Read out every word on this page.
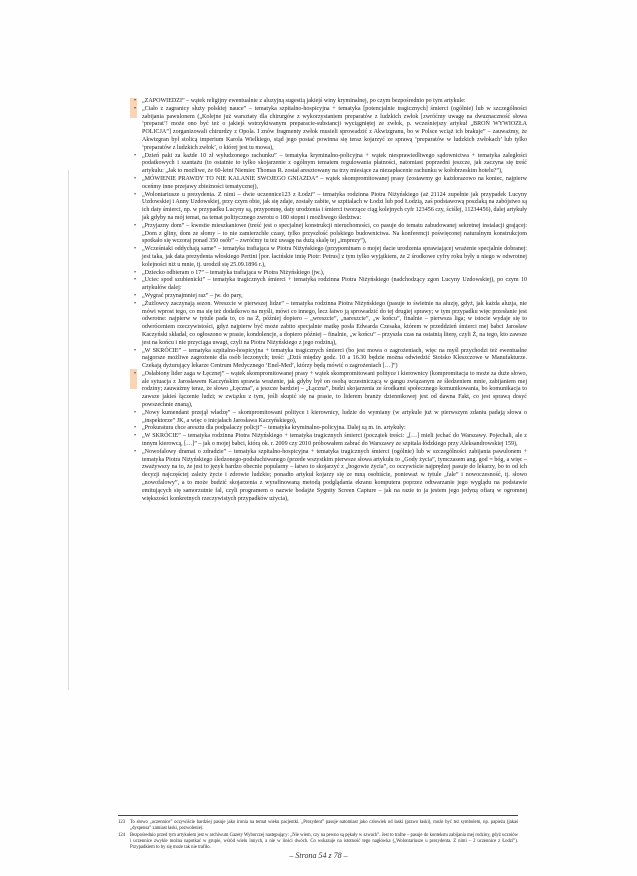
• „ZAPOWIEDZI” – wątek religijny ewentualnie z aluzyjną sugestią jakiejś winy kryminalnej, po czym bezpośrednio po tym artykule:
• „Ciało z zagranicy służy polskiej nauce” – tematyka szpitalno-hospicyjna + tematyka [potencjalnie tragicznych] śmierci (ogólnie) lub w szczególności zabijania pawulonem („Kolejne już warsztaty dla chirurgów z wykorzystaniem preparatów z ludzkich zwłok [zwróćmy uwagę na dwuznaczność słowa ‘preparat’! może ono być też o jakiejś wstrzykiwanym preparacie-substancji wyciągniętej ze zwłok, p. wcześniejszy artykuł „BROŃ WYWIOZŁA POLICJA”] zorganizowali chirurdzy z Opola. I znów fragmenty zwłok musieli sprowadzić z Akwizgranu, bo w Polsce wciąż ich brakuje” – zauważmy, że Akwizgran był stolicą imperium Karola Wielkiego, stąd jego postać powinna się teraz kojarzyć ze sprawą ‘preparatów w ludzkich zwłokach’ lub tylko ‘preparatów z ludzkich zwłok’, o której jest tu mowa),
• „Dzień paki za każde 10 zł wyłudzonego rachunku” – tematyka kryminalno-policyjna + wątek niesprawiedliwego sądownictwa + tematyka zaległości podatkowych i szantażu (to ostatnie to tylko skojarzenie z ogólnym tematem regulowania płatności, natomiast poprzedni jeszcze, jak zaczyna się treść artykułu: „Jak to możliwe, że 60-letni Niemiec Thomas R. został aresztowany na trzy miesiące za niezapłacenie rachunku w kołobrzeskim hotelu?”),
• „MÓWIENIE PRAWDY TO NIE KALANIE SWOJEGO GNIAZDA” – wątek skompromitowanej prasy (zostawmy go każdorazowo na koniec, najpierw oceńmy inne przejawy zbieżności tematycznej),
• „Wolontariusze u prezydenta. Z nimi – dwie uczennice123 z Łodzi” – tematyka rodzinna Piotra Niżyńskiego (aż 21124 zupełnie jak przypadek Lucyny Uzdowskiej i Anny Uzdowskiej, przy czym obie, jak się zdaje, zostały zabite, w szpitalach w Łodzi lub pod Łodzią, zaś podstawową poszlaką na zabójstwo są ich daty śmierci, np. w przypadku Lucyny są, przypomnę, daty urodzenia i śmierci tworzące ciąg kolejnych cyfr 123456 czy, ściślej, 11234456), dalej artykuły jak gdyby na mój temat, na temat politycznego zwrotu o 180 stopni i możliwego śledztwa:
• „Przyjazny dom” – kwestie mieszkaniowe (treść jest o specjalnej konstrukcji nieruchomości, co pasuje do tematu zabudowanej sekretnej instalacji grającej: „Dom z gliny, dom ze słomy – to nie zamierzchłe czasy, tylko przyszłość polskiego budownictwa. Na konferencji poświęconej naturalnym konstrukcjom spotkało się wczoraj ponad 350 osób” – zwróćmy tu też uwagę na dużą skalę tej „imprezy”),
• „Wcześniaki oddychają same” – tematyka trafiająca w Piotra Niżyńskiego (przypominam o mojej dacie urodzenia sprawiającej wrażenie specjalnie dobranej: jest taka, jak data prezydenta włoskiego Pertini [por. łacińskie imię Piotr: Petrus] z tym tylko wyjątkiem, że 2 środkowe cyfry roku były u niego w odwrotnej kolejności niż u mnie, tj. urodził się 25.09.1896 r.),
• „Dziecko odbieram o 17” – tematyka trafiająca w Piotra Niżyńskiego (jw.),
• „Uciec spod szubienicki” – tematyka tragicznych śmierci + tematyka rodzinna Piotra Niżyńskiego (nadchodzący zgon Lucyny Uzdowskiej), po czym 10 artykułów dalej:
• „Wygrać przynajmniej raz” – jw. do pary,
• „Żużlowcy zaczynają sezon. Wreszcie w pierwszej lidze” – tematyka rodzinna Piotra Niżyńskiego (pasuje to świetnie na aluzję, gdyż, jak każda aluzja, nie mówi wprost tego, co ma się też dodatkowo na myśli, mówi co innego, lecz łatwo ją sprowadzić do tej drugiej sprawy; w tym przypadku więc przesłanie jest odwrotne: najpierw w tytule pada to, co na Ż, później dopiero – „wreszcie”, „nareszcie”, „w końcu”, finalnie – pierwsza liga; w istocie wydaje się to odwróceniem rzeczywistości, gdyż najpierw być może zabito specjalnie matkę posła Edwarda Czesaka, którem w przeddzień śmierci mej babci Jarosław Kaczyński składał, co ogłoszono w prasie, kondolencje, a dopiero później – finalnie, „w końcu” – przyszła czas na ostatnią literę, czyli Ż, na tego, kto zawsze jest na końcu i nie przyciąga uwagi, czyli na Piotra Niżyńskiego z jego rodziną),
• „W SKRÓCIE” – tematyka szpitalno-hospicyjna + tematyka tragicznych śmierci (bo jest mowa o zagrożeniach, więc na myśl przychodzi też ewentualne najgorsze możliwe zagrożenie dla osób leczonych; treść: „Dziś między godz. 10 a 16.30 będzie można odwiedzić Stoisko Kleszczowe w Manufakturze. Czekają dyżurujący lekarze Centrum Medycznego ‘Enel-Med’, którzy będą mówić o zagrożeniach […]”)
• „Osłabiony lider zaga w Łęcznej” – wątek skompromitowanej prasy + wątek skompromitowani polityce i kierownicy (kompromitacja to może za duże słowo, ale sytuacja z Jarosławem Kaczyńskim sprawia wrażenie, jak gdyby był on osobą uczestniczącą w gangu związanym ze śledzeniem mnie, zabijaniem mej rodziny; zauważmy teraz, że słowo „Łęczna”, a jeszcze bardziej – „Łączna”, budzi skojarzenia ze środkami społecznego komunikowania, bo komunikacja to zawsze jakieś łączenie ludzi; w związku z tym, jeśli skupić się na prasie, to liderem branży dziennikowej jest od dawna Fakt, co jest sprawą dosyć powszechnie znaną),
• „Nowy kumendant przejął władzę” – skompromitowani polityce i kierownicy, ludzie do wymiany (w artykule już w pierwszym zdaniu padają słowa o „inspektorze” JK, a więc o inicjałach Jarosława Kaczyńskiego),
• „Prokuratura chce aresztu dla podpalaczy policji” – tematyka kryminalno-policyjna. Dalej są m. in. artykuły:
• „W SKRÓCIE” – tematyka rodzinna Piotra Niżyńskiego + tematyka tragicznych śmierci (początek treści: „[…] mieli jechać do Warszawy. Pojechali, ale z innym kierowcą, […]” – jak o mojej babci, którą ok. r. 2009 czy 2010 próbowałem zabrać do Warszawy ze szpitala łódzkiego przy Aleksandrowskiej 159),
• „Nowofalowy dramat o zdradzie” – tematyka szpitalno-hospicyjna + tematyka tragicznych śmierci (ogólnie) lub w szczególności zabijania pawulonem + tematyka Piotra Niżyńskiego śledzonego-podsłuchiwanego (przede wszystkim pierwsze słowa artykułu to „Gody życia”, tymczasem ang. god = bóg, a więc – zważywszy na to, że jest to język bardzo obecnie popularny – łatwo to skojarzyć z „bogowie życia”, co oczywiście najprędzej pasuje do lekarzy, bo to od ich decyzji najczęściej zależy życie i zdrowie ludzkie; ponadto artykuł kojarzy się ze mną osobiście, ponieważ w tytule „fale” i nowoczesność, tj. słowo „nowofalowy”, a to może budzić skojarzenia z wyrafinowaną metodą podglądania ekranu komputera poprzez odtwarzanie jego wyglądu na podstawie emitujących się samorzutnie fal, czyli programem o nazwie bodajże Sygnity Screen Capture – jak na razie to ja jestem jego jedyną ofiarą w ogromnej większości konkretnych rzeczywistych przypadków użycia),
123 To słowo „uczennice” oczywiście bardziej pasuje jako ironia na temat wieku pacjentki. „Prezydent” pasuje natomiast jako człowiek od łaski (prawo łaski), może być też symbolem, np. papieża (jakaś „dyspensa” zamiast łaski, pozwolenie).
124 Bezpośrednio przed tym artykułem jest w archiwum Gazety Wyborczej następujący: „Nie wiem, czy na pewno są pękały w szwach”. Jest to trafne – pasuje do kontekstu zabijania mej rodziny, gdyż uczniów i uczennice zwykle można napotkać w grupie, wśród wielu innych, a nie w ilości dwóch. Co wskazuje na istotność tego nagłówka („Wolontariusze u prezydenta. Z nimi – 2 uczennice z Łodzi”). Przypadkiem to by się może tak nie trafiło.
– Strona 54 z 78 –
